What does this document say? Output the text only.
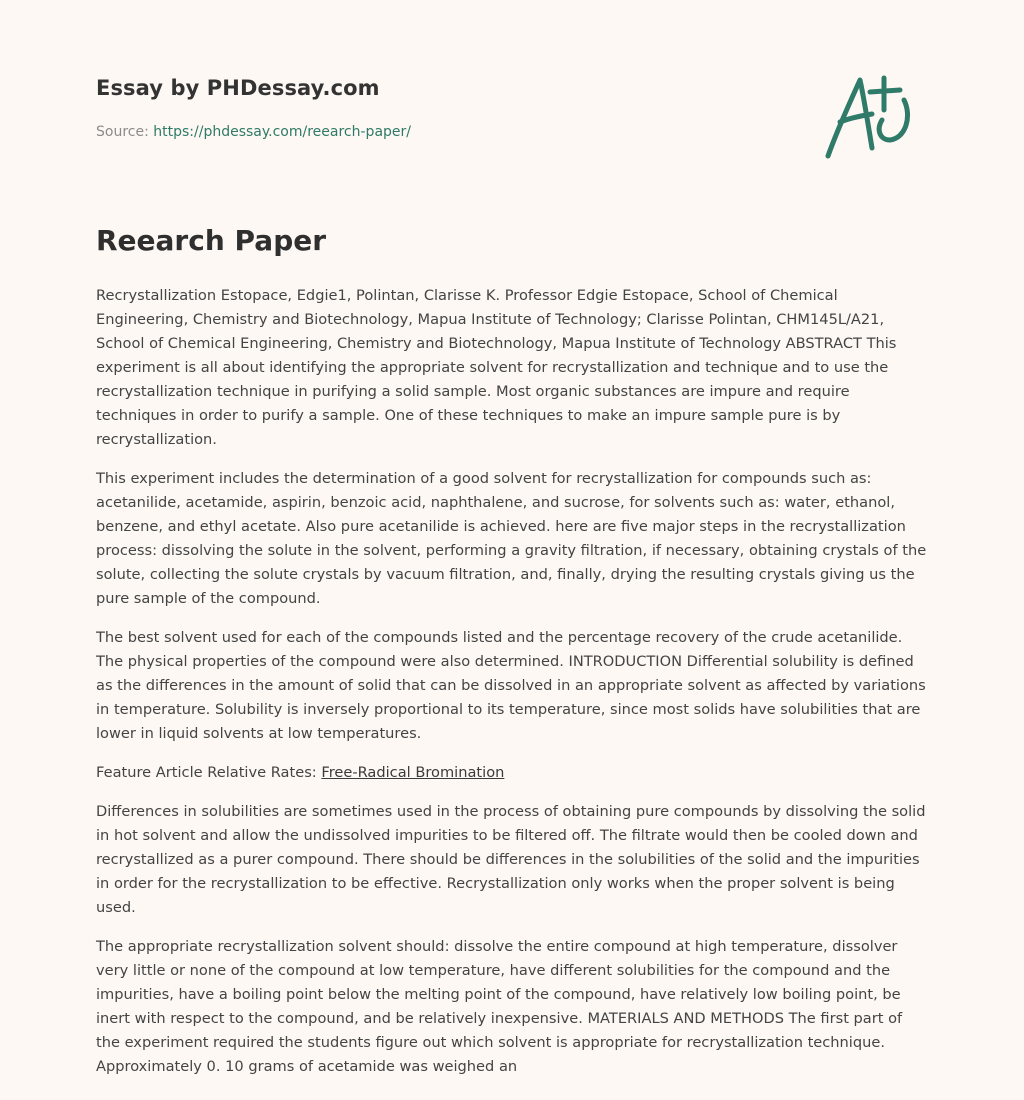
Essay by PHDessay.com
Source: https://phdessay.com/reearch-paper/
Reearch Paper

Recrystallization Estopace, Edgie1, Polintan, Clarisse K. Professor Edgie Estopace, School of Chemical Engineering, Chemistry and Biotechnology, Mapua Institute of Technology; Clarisse Polintan, CHM145L/A21, School of Chemical Engineering, Chemistry and Biotechnology, Mapua Institute of Technology ABSTRACT This experiment is all about identifying the appropriate solvent for recrystallization and technique and to use the recrystallization technique in purifying a solid sample. Most organic substances are impure and require techniques in order to purify a sample. One of these techniques to make an impure sample pure is by recrystallization.

This experiment includes the determination of a good solvent for recrystallization for compounds such as: acetanilide, acetamide, aspirin, benzoic acid, naphthalene, and sucrose, for solvents such as: water, ethanol, benzene, and ethyl acetate. Also pure acetanilide is achieved. here are five major steps in the recrystallization process: dissolving the solute in the solvent, performing a gravity filtration, if necessary, obtaining crystals of the solute, collecting the solute crystals by vacuum filtration, and, finally, drying the resulting crystals giving us the pure sample of the compound.

The best solvent used for each of the compounds listed and the percentage recovery of the crude acetanilide. The physical properties of the compound were also determined. INTRODUCTION Differential solubility is defined as the differences in the amount of solid that can be dissolved in an appropriate solvent as affected by variations in temperature. Solubility is inversely proportional to its temperature, since most solids have solubilities that are lower in liquid solvents at low temperatures.

Feature Article Relative Rates: Free-Radical Bromination

Differences in solubilities are sometimes used in the process of obtaining pure compounds by dissolving the solid in hot solvent and allow the undissolved impurities to be filtered off. The filtrate would then be cooled down and recrystallized as a purer compound. There should be differences in the solubilities of the solid and the impurities in order for the recrystallization to be effective. Recrystallization only works when the proper solvent is being used.

The appropriate recrystallization solvent should: dissolve the entire compound at high temperature, dissolver very little or none of the compound at low temperature, have different solubilities for the compound and the impurities, have a boiling point below the melting point of the compound, have relatively low boiling point, be inert with respect to the compound, and be relatively inexpensive. MATERIALS AND METHODS The first part of the experiment required the students figure out which solvent is appropriate for recrystallization technique. Approximately 0. 10 grams of acetamide was weighed an
